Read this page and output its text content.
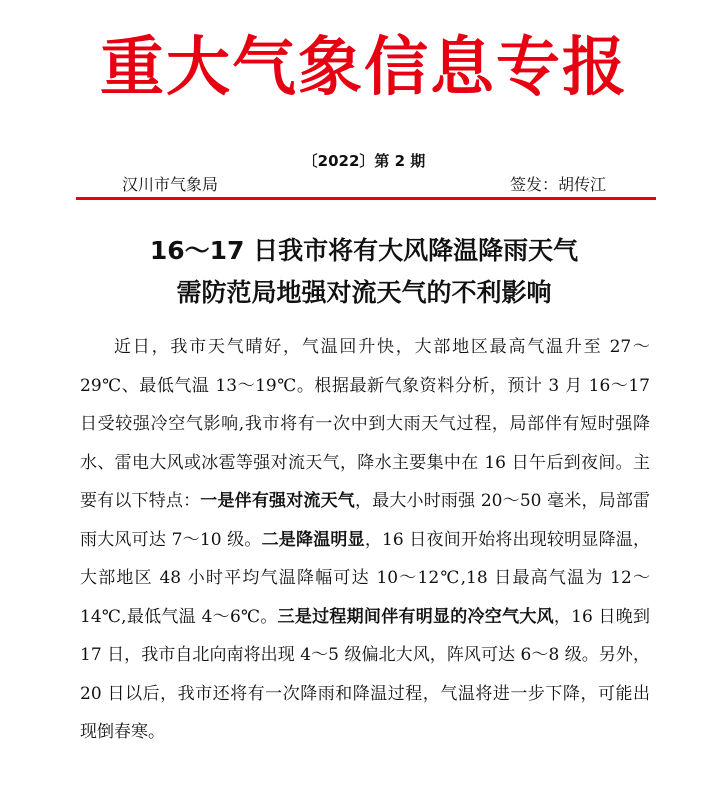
重大气象信息专报
〔2022〕第 2 期
汉川市气象局	签发：胡传江
16～17 日我市将有大风降温降雨天气
需防范局地强对流天气的不利影响

近日，我市天气晴好，气温回升快，大部地区最高气温升至 27～29℃、最低气温 13～19℃。根据最新气象资料分析，预计 3 月 16～17 日受较强冷空气影响,我市将有一次中到大雨天气过程，局部伴有短时强降水、雷电大风或冰雹等强对流天气，降水主要集中在 16 日午后到夜间。主要有以下特点：一是伴有强对流天气，最大小时雨强 20～50 毫米，局部雷雨大风可达 7～10 级。二是降温明显，16 日夜间开始将出现较明显降温，大部地区 48 小时平均气温降幅可达 10～12℃,18 日最高气温为 12～14℃,最低气温 4～6℃。三是过程期间伴有明显的冷空气大风，16 日晚到 17 日，我市自北向南将出现 4～5 级偏北大风，阵风可达 6～8 级。另外，20 日以后，我市还将有一次降雨和降温过程，气温将进一步下降，可能出现倒春寒。
